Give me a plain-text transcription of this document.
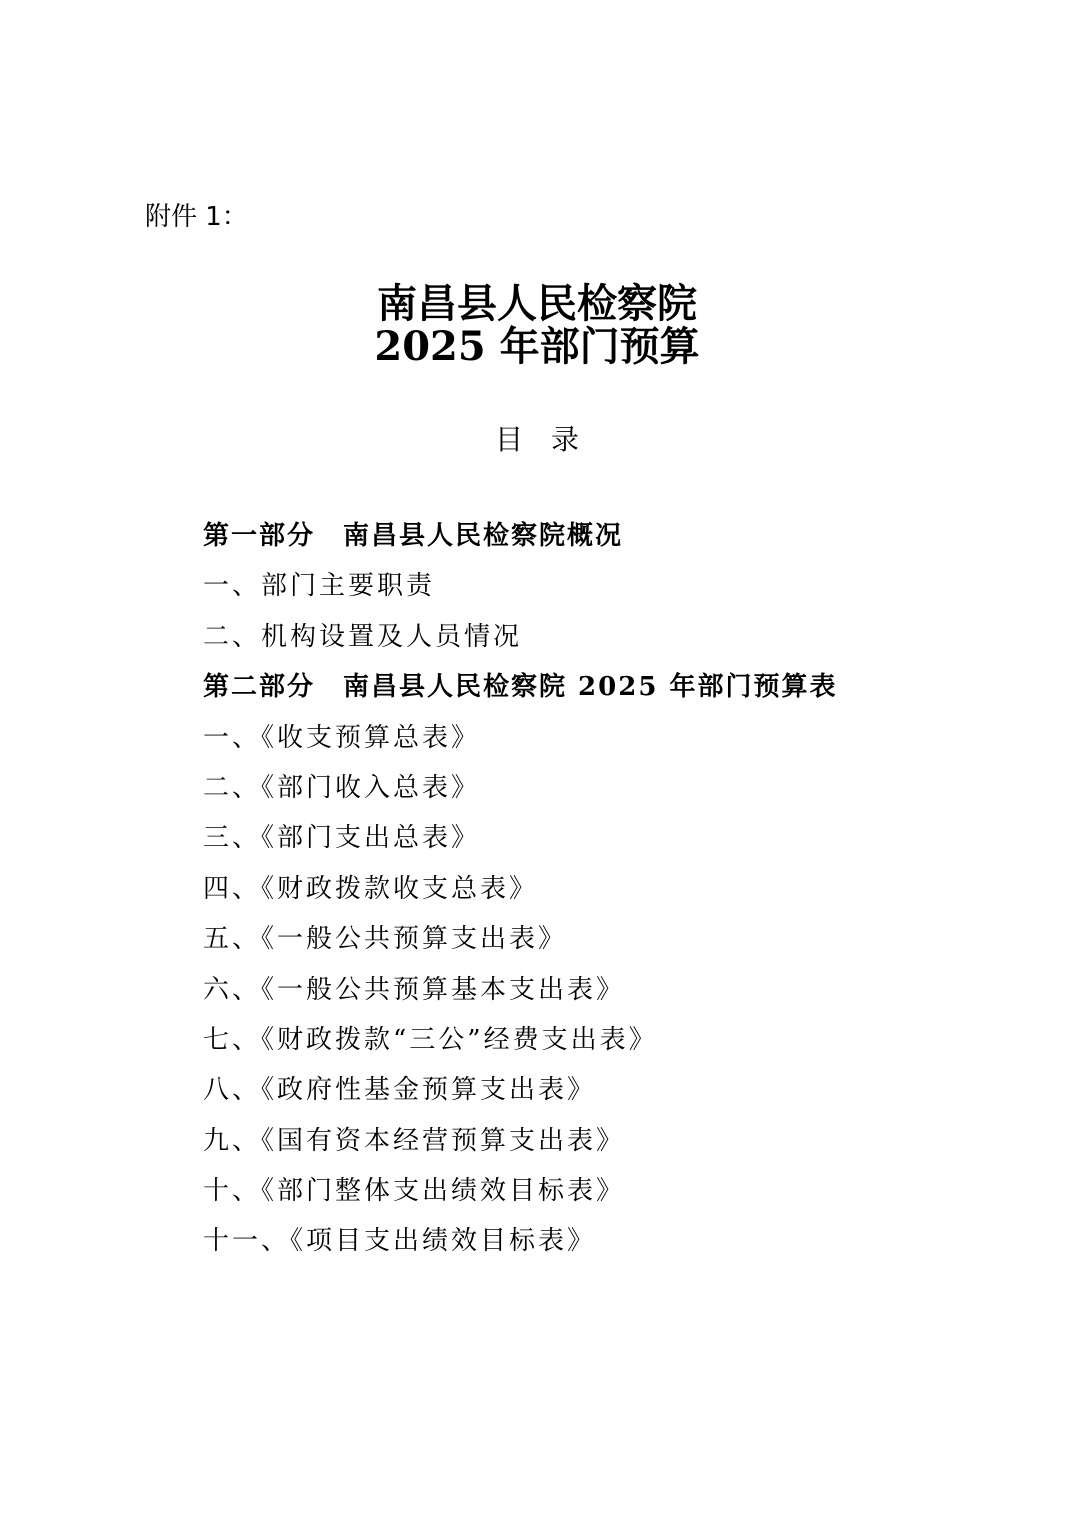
附件 1：
南昌县人民检察院
2025 年部门预算
目录
第一部分　南昌县人民检察院概况
一、部门主要职责
二、机构设置及人员情况
第二部分　南昌县人民检察院 2025 年部门预算表
一、《收支预算总表》
二、《部门收入总表》
三、《部门支出总表》
四、《财政拨款收支总表》
五、《一般公共预算支出表》
六、《一般公共预算基本支出表》
七、《财政拨款“三公”经费支出表》
八、《政府性基金预算支出表》
九、《国有资本经营预算支出表》
十、《部门整体支出绩效目标表》
十一、《项目支出绩效目标表》
